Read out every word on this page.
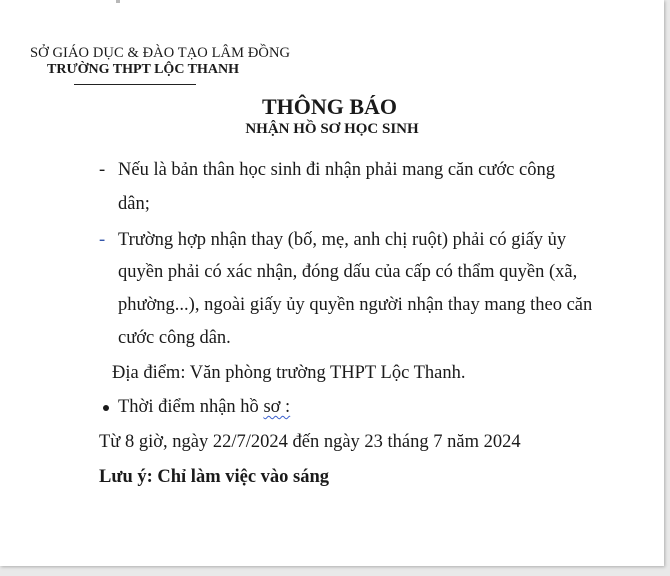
SỞ GIÁO DỤC & ĐÀO TẠO LÂM ĐỒNG
TRƯỜNG THPT LỘC THANH
THÔNG BÁO
NHẬN HỒ SƠ HỌC SINH
- Nếu là bản thân học sinh đi nhận phải mang căn cước công
dân;
- Trường hợp nhận thay (bố, mẹ, anh chị ruột) phải có giấy ủy
quyền phải có xác nhận, đóng dấu của cấp có thẩm quyền (xã,
phường...), ngoài giấy ủy quyền người nhận thay mang theo căn
cước công dân.
Địa điểm: Văn phòng trường THPT Lộc Thanh.
Thời điểm nhận hồ sơ :
Từ 8 giờ, ngày 22/7/2024 đến ngày 23 tháng 7 năm 2024
Lưu ý: Chỉ làm việc vào sáng
